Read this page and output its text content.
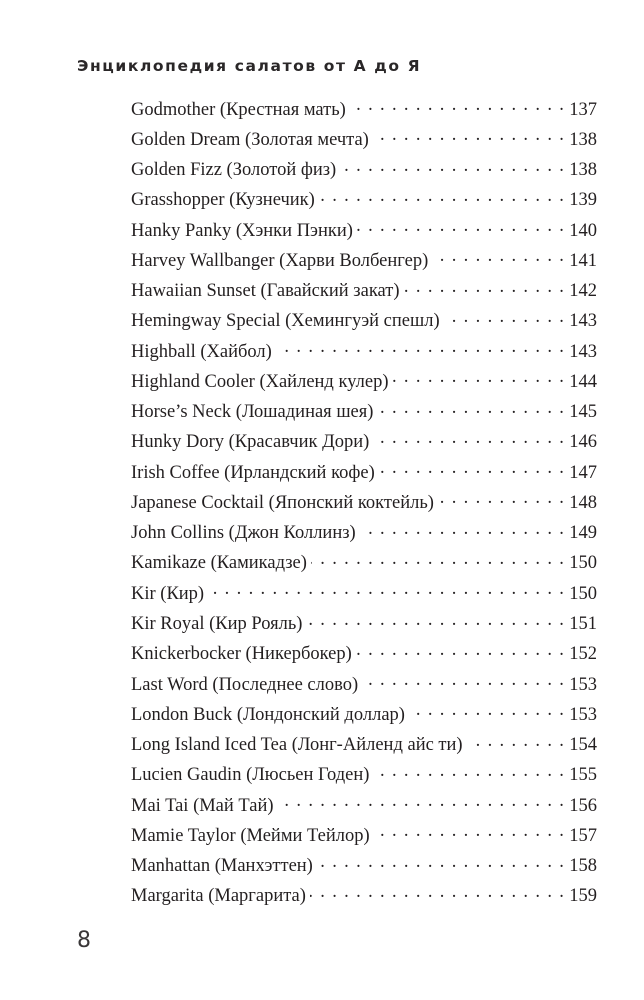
Энциклопедия салатов от А до Я
Godmother (Крестная мать) . . .	137
Golden Dream (Золотая мечта) . . .	138
Golden Fizz (Золотой физ) . . .	138
Grasshopper (Кузнечик) . . .	139
Hanky Panky (Хэнки Пэнки) . . .	140
Harvey Wallbanger (Харви Волбенгер) . . .	141
Hawaiian Sunset (Гавайский закат) . . .	142
Hemingway Special (Хемингуэй спешл) . . .	143
Highball (Хайбол) . . .	143
Highland Cooler (Хайленд кулер) . . .	144
Horse’s Neck (Лошадиная шея) . . .	145
Hunky Dory (Красавчик Дори) . . .	146
Irish Coffee (Ирландский кофе) . . .	147
Japanese Cocktail (Японский коктейль) . . .	148
John Collins (Джон Коллинз) . . .	149
Kamikaze (Камикадзе) . . .	150
Kir (Кир) . . .	150
Kir Royal (Кир Рояль) . . .	151
Knickerbocker (Никербокер) . . .	152
Last Word (Последнее слово) . . .	153
London Buck (Лондонский доллар) . . .	153
Long Island Iced Tea (Лонг-Айленд айс ти) . . .	154
Lucien Gaudin (Люсьен Годен) . . .	155
Mai Tai (Май Тай) . . .	156
Mamie Taylor (Мейми Тейлор) . . .	157
Manhattan (Манхэттен) . . .	158
Margarita (Маргарита) . . .	159
8
